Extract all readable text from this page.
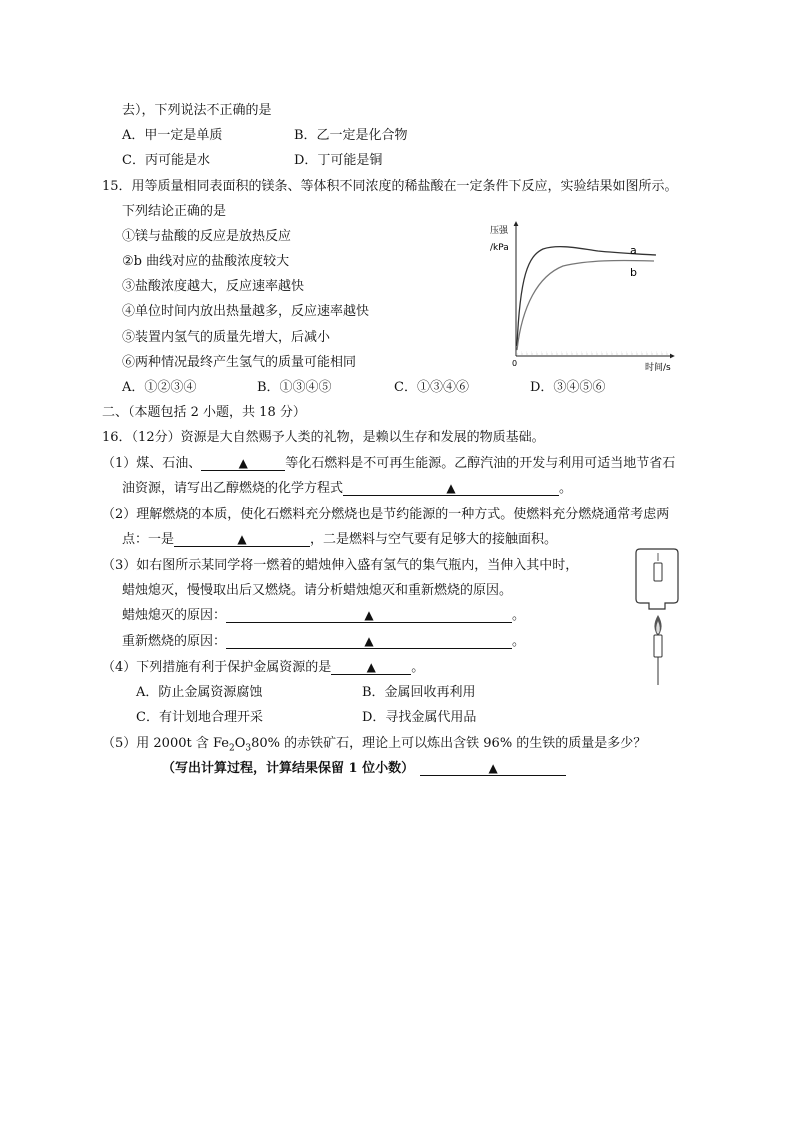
去），下列说法不正确的是
A．甲一定是单质	B．乙一定是化合物
C．丙可能是水	D．丁可能是铜
15．用等质量相同表面积的镁条、等体积不同浓度的稀盐酸在一定条件下反应，实验结果如图所示。
下列结论正确的是
①镁与盐酸的反应是放热反应
②b 曲线对应的盐酸浓度较大
③盐酸浓度越大，反应速率越快
④单位时间内放出热量越多，反应速率越快
⑤装置内氢气的质量先增大，后减小
⑥两种情况最终产生氢气的质量可能相同
A．①②③④	B．①③④⑤	C．①③④⑥	D．③④⑤⑥
压强
/kPa
0	时间/s
a
b
二、（本题包括 2 小题，共 18 分）
16．（12分）资源是大自然赐予人类的礼物，是赖以生存和发展的物质基础。
（1）煤、石油、	▲	等化石燃料是不可再生能源。乙醇汽油的开发与利用可适当地节省石
油资源，请写出乙醇燃烧的化学方程式	▲	。
（2）理解燃烧的本质，使化石燃料充分燃烧也是节约能源的一种方式。使燃料充分燃烧通常考虑两
点：一是	▲	，二是燃料与空气要有足够大的接触面积。
（3）如右图所示某同学将一燃着的蜡烛伸入盛有氢气的集气瓶内，当伸入其中时，
蜡烛熄灭，慢慢取出后又燃烧。请分析蜡烛熄灭和重新燃烧的原因。
蜡烛熄灭的原因：	▲	。
重新燃烧的原因：	▲	。
（4）下列措施有利于保护金属资源的是	▲	。
A．防止金属资源腐蚀	B．金属回收再利用
C．有计划地合理开采	D．寻找金属代用品
（5）用 2000t 含 $Fe_2O_380\%$ 的赤铁矿石，理论上可以炼出含铁 96% 的生铁的质量是多少？
（写出计算过程，计算结果保留 1 位小数）	▲
